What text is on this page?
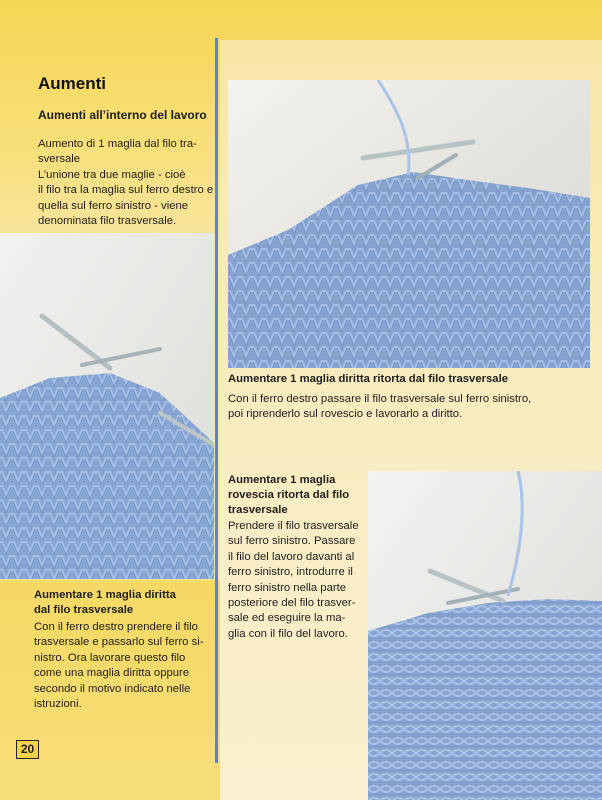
Aumenti
Aumenti all’interno del lavoro

Aumento di 1 maglia dal filo tra-
sversale
L’unione tra due maglie - cioè
il filo tra la maglia sul ferro destro e
quella sul ferro sinistro - viene
denominata filo trasversale.

Aumentare 1 maglia diritta ritorta dal filo trasversale

Con il ferro destro passare il filo trasversale sul ferro sinistro,
poi riprenderlo sul rovescio e lavorarlo a diritto.

Aumentare 1 maglia
rovescia ritorta dal filo
trasversale

Prendere il filo trasversale
sul ferro sinistro. Passare
il filo del lavoro davanti al
ferro sinistro, introdurre il
ferro sinistro nella parte
posteriore del filo trasver-
sale ed eseguire la ma-
glia con il filo del lavoro.

Aumentare 1 maglia diritta
dal filo trasversale

Con il ferro destro prendere il filo
trasversale e passarlo sul ferro si-
nistro. Ora lavorare questo filo
come una maglia diritta oppure
secondo il motivo indicato nelle
istruzioni.

20
